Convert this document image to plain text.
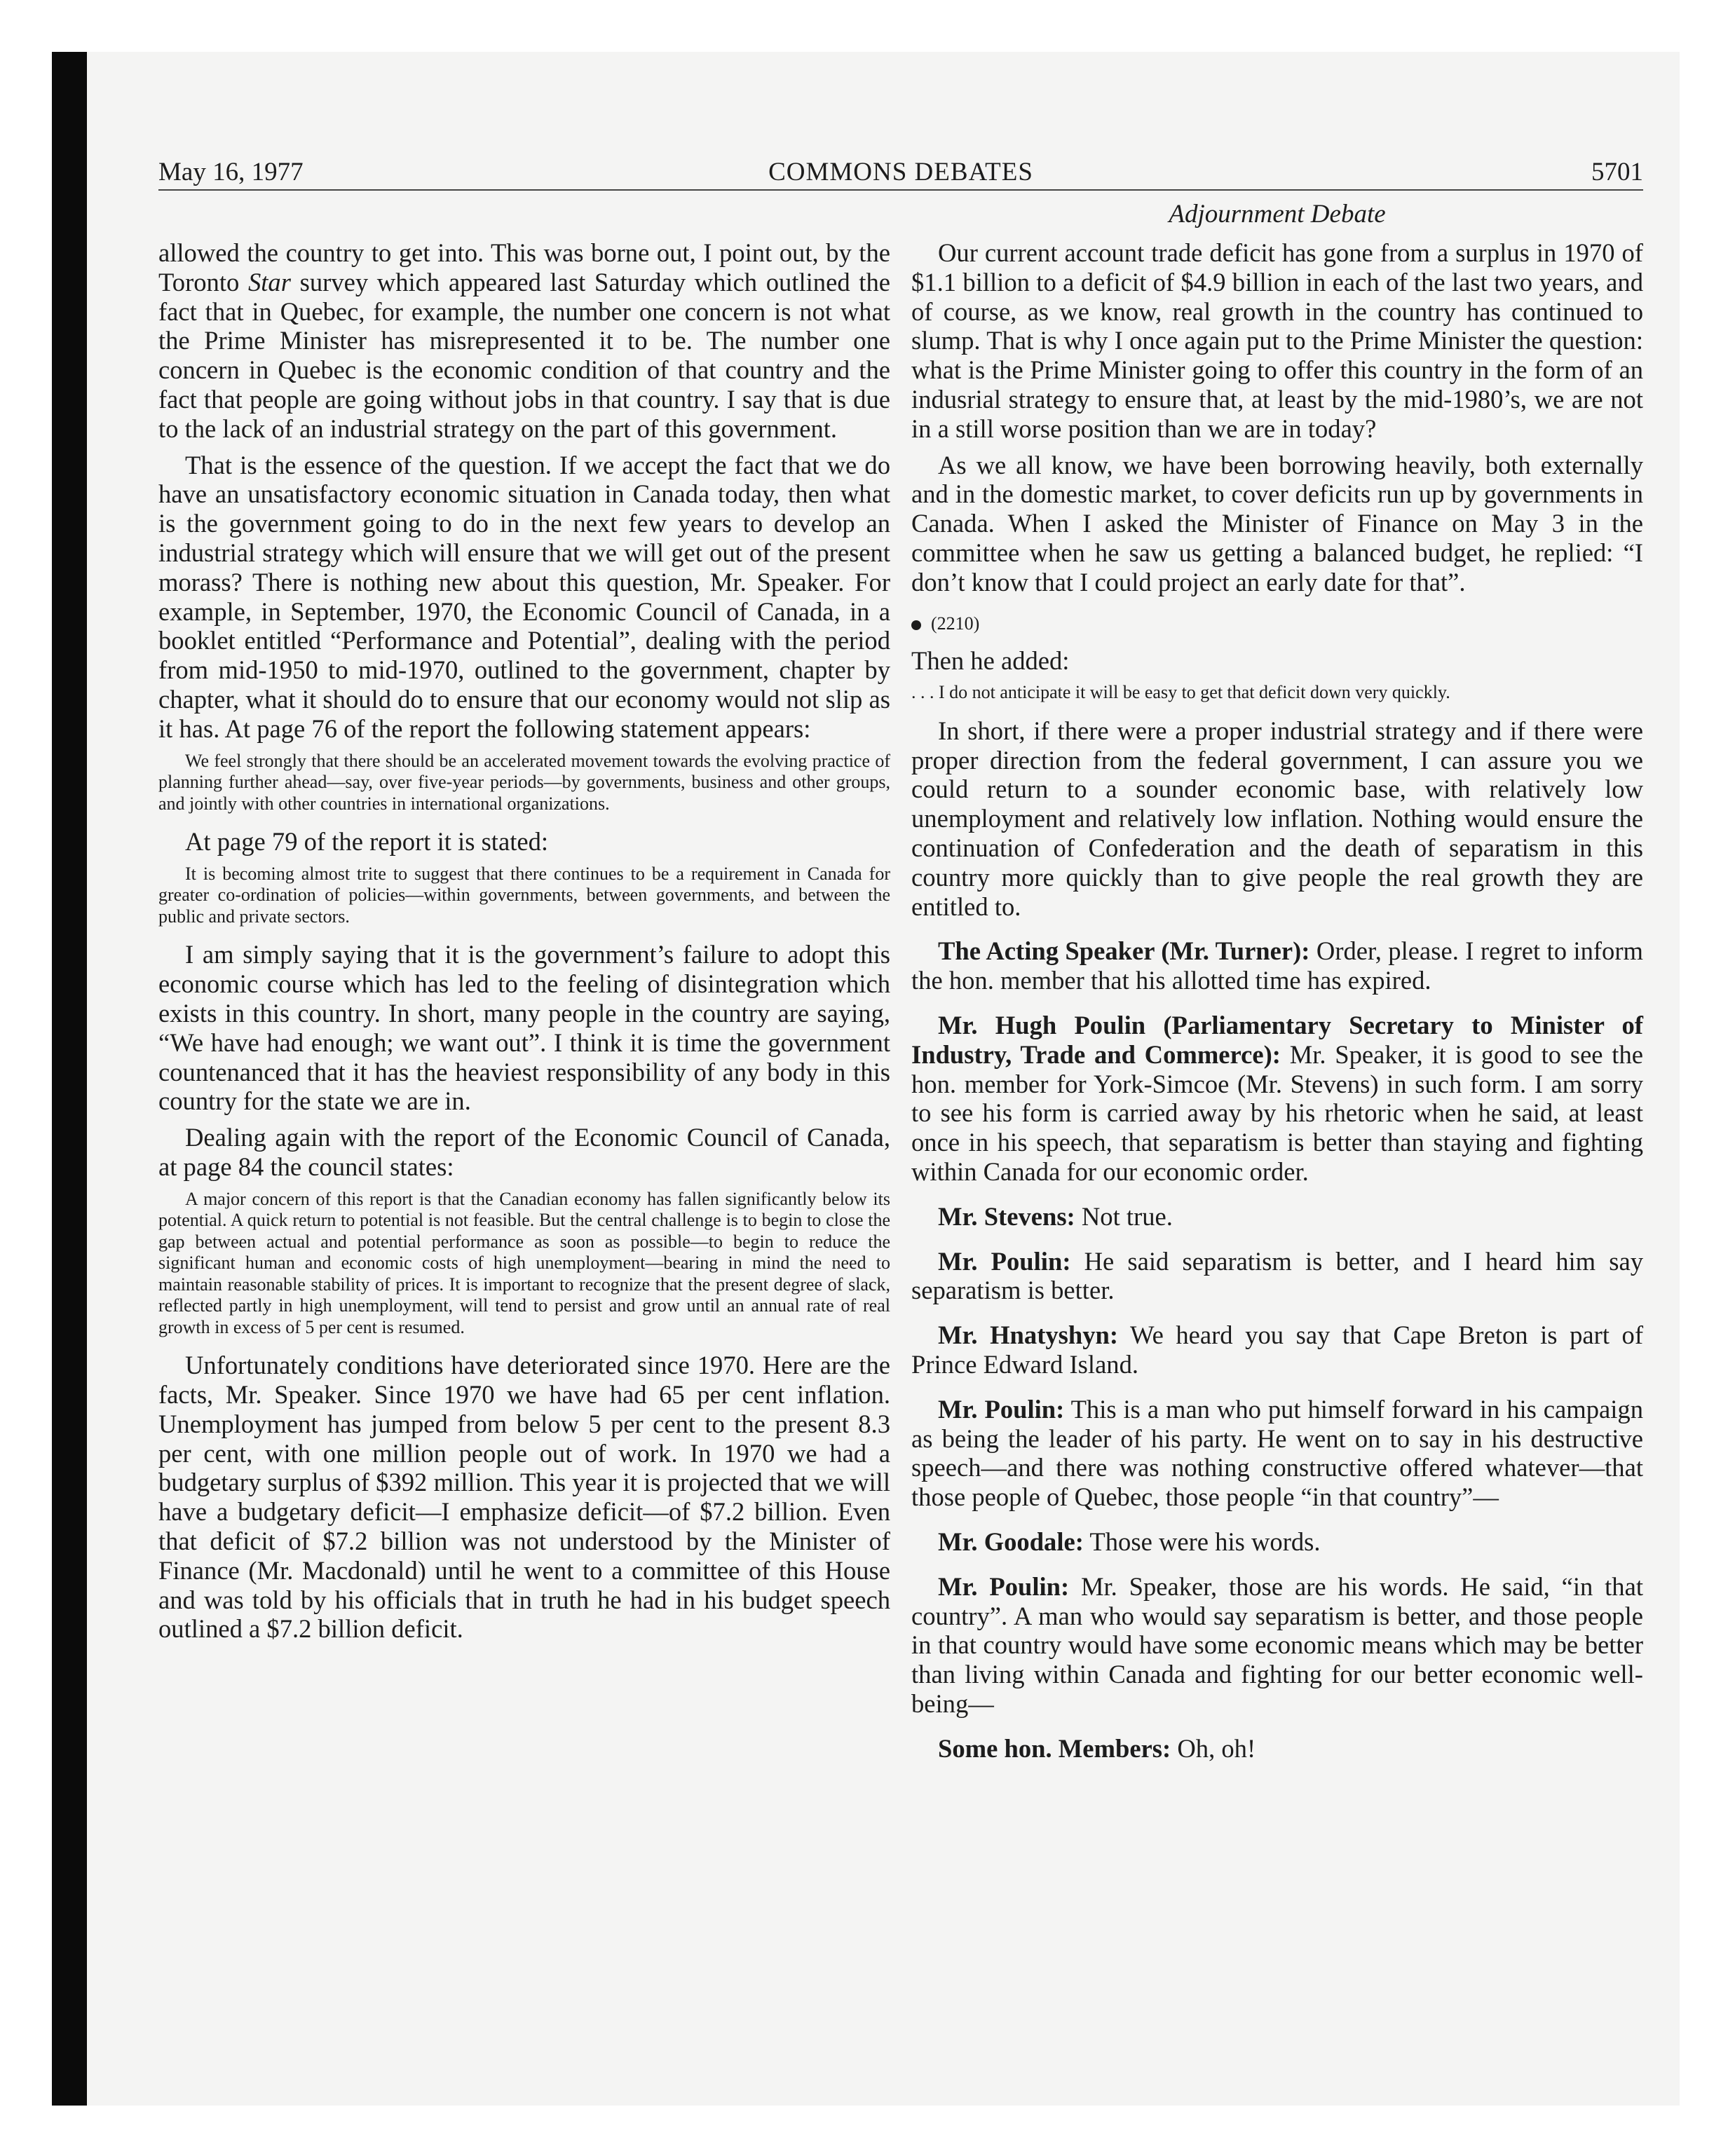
May 16, 1977	COMMONS DEBATES	5701
Adjournment Debate

allowed the country to get into. This was borne out, I point out, by the Toronto Star survey which appeared last Saturday which outlined the fact that in Quebec, for example, the number one concern is not what the Prime Minister has misrepresented it to be. The number one concern in Quebec is the economic condition of that country and the fact that people are going without jobs in that country. I say that is due to the lack of an industrial strategy on the part of this government.

That is the essence of the question. If we accept the fact that we do have an unsatisfactory economic situation in Canada today, then what is the government going to do in the next few years to develop an industrial strategy which will ensure that we will get out of the present morass? There is nothing new about this question, Mr. Speaker. For example, in September, 1970, the Economic Council of Canada, in a booklet entitled “Performance and Potential”, dealing with the period from mid-1950 to mid-1970, outlined to the government, chapter by chapter, what it should do to ensure that our economy would not slip as it has. At page 76 of the report the following statement appears:

We feel strongly that there should be an accelerated movement towards the evolving practice of planning further ahead—say, over five-year periods—by governments, business and other groups, and jointly with other countries in international organizations.

At page 79 of the report it is stated:

It is becoming almost trite to suggest that there continues to be a requirement in Canada for greater co-ordination of policies—within governments, between governments, and between the public and private sectors.

I am simply saying that it is the government’s failure to adopt this economic course which has led to the feeling of disintegration which exists in this country. In short, many people in the country are saying, “We have had enough; we want out”. I think it is time the government countenanced that it has the heaviest responsibility of any body in this country for the state we are in.

Dealing again with the report of the Economic Council of Canada, at page 84 the council states:

A major concern of this report is that the Canadian economy has fallen significantly below its potential. A quick return to potential is not feasible. But the central challenge is to begin to close the gap between actual and potential performance as soon as possible—to begin to reduce the significant human and economic costs of high unemployment—bearing in mind the need to maintain reasonable stability of prices. It is important to recognize that the present degree of slack, reflected partly in high unemployment, will tend to persist and grow until an annual rate of real growth in excess of 5 per cent is resumed.

Unfortunately conditions have deteriorated since 1970. Here are the facts, Mr. Speaker. Since 1970 we have had 65 per cent inflation. Unemployment has jumped from below 5 per cent to the present 8.3 per cent, with one million people out of work. In 1970 we had a budgetary surplus of $392 million. This year it is projected that we will have a budgetary deficit—I emphasize deficit—of $7.2 billion. Even that deficit of $7.2 billion was not understood by the Minister of Finance (Mr. Macdonald) until he went to a committee of this House and was told by his officials that in truth he had in his budget speech outlined a $7.2 billion deficit.

Our current account trade deficit has gone from a surplus in 1970 of $1.1 billion to a deficit of $4.9 billion in each of the last two years, and of course, as we know, real growth in the country has continued to slump. That is why I once again put to the Prime Minister the question: what is the Prime Minister going to offer this country in the form of an indusrial strategy to ensure that, at least by the mid-1980’s, we are not in a still worse position than we are in today?

As we all know, we have been borrowing heavily, both externally and in the domestic market, to cover deficits run up by governments in Canada. When I asked the Minister of Finance on May 3 in the committee when he saw us getting a balanced budget, he replied: “I don’t know that I could project an early date for that”.

(2210)

Then he added:

. . . I do not anticipate it will be easy to get that deficit down very quickly.

In short, if there were a proper industrial strategy and if there were proper direction from the federal government, I can assure you we could return to a sounder economic base, with relatively low unemployment and relatively low inflation. Nothing would ensure the continuation of Confederation and the death of separatism in this country more quickly than to give people the real growth they are entitled to.

The Acting Speaker (Mr. Turner): Order, please. I regret to inform the hon. member that his allotted time has expired.

Mr. Hugh Poulin (Parliamentary Secretary to Minister of Industry, Trade and Commerce): Mr. Speaker, it is good to see the hon. member for York-Simcoe (Mr. Stevens) in such form. I am sorry to see his form is carried away by his rhetoric when he said, at least once in his speech, that separatism is better than staying and fighting within Canada for our economic order.

Mr. Stevens: Not true.

Mr. Poulin: He said separatism is better, and I heard him say separatism is better.

Mr. Hnatyshyn: We heard you say that Cape Breton is part of Prince Edward Island.

Mr. Poulin: This is a man who put himself forward in his campaign as being the leader of his party. He went on to say in his destructive speech—and there was nothing constructive offered whatever—that those people of Quebec, those people “in that country”—

Mr. Goodale: Those were his words.

Mr. Poulin: Mr. Speaker, those are his words. He said, “in that country”. A man who would say separatism is better, and those people in that country would have some economic means which may be better than living within Canada and fighting for our better economic well-being—

Some hon. Members: Oh, oh!
